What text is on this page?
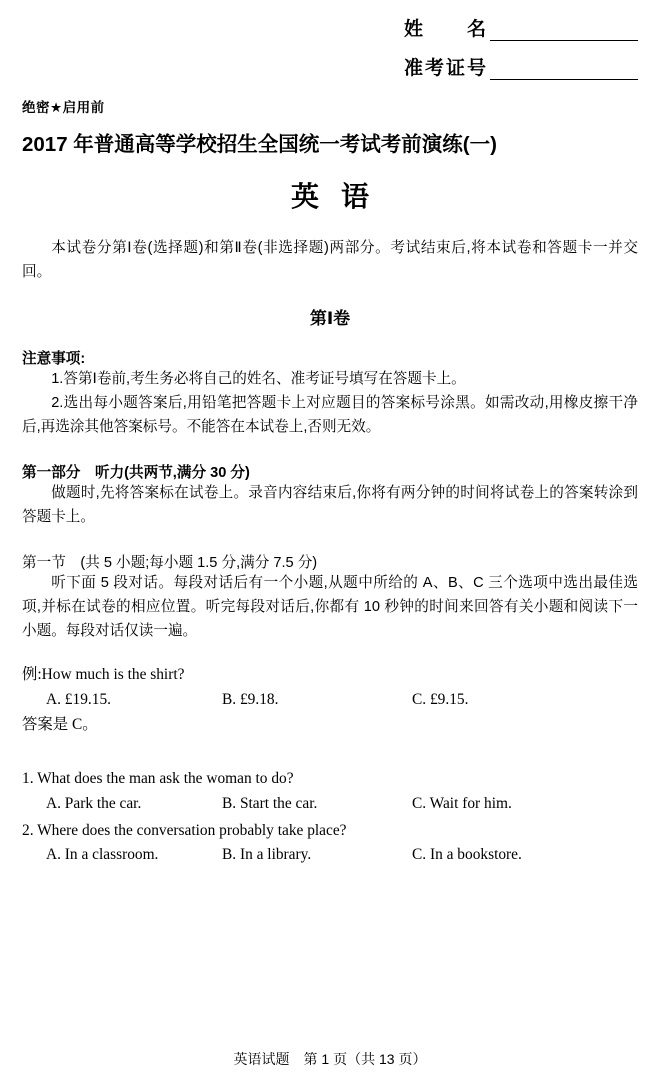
姓　　名
准考证号
绝密★启用前
2017 年普通高等学校招生全国统一考试考前演练(一)
英语

本试卷分第Ⅰ卷(选择题)和第Ⅱ卷(非选择题)两部分。考试结束后,将本试卷和答题卡一并交回。

第Ⅰ卷
注意事项:

1.答第Ⅰ卷前,考生务必将自己的姓名、准考证号填写在答题卡上。

2.选出每小题答案后,用铅笔把答题卡上对应题目的答案标号涂黑。如需改动,用橡皮擦干净后,再选涂其他答案标号。不能答在本试卷上,否则无效。

第一部分　听力(共两节,满分 30 分)

做题时,先将答案标在试卷上。录音内容结束后,你将有两分钟的时间将试卷上的答案转涂到答题卡上。

第一节　(共 5 小题;每小题 1.5 分,满分 7.5 分)

听下面 5 段对话。每段对话后有一个小题,从题中所给的 A、B、C 三个选项中选出最佳选项,并标在试卷的相应位置。听完每段对话后,你都有 10 秒钟的时间来回答有关小题和阅读下一小题。每段对话仅读一遍。

例:How much is the shirt?

A. £19.15.	B. £9.18.	C. £9.15.

答案是 C。

1. What does the man ask the woman to do?

A. Park the car.	B. Start the car.	C. Wait for him.

2. Where does the conversation probably take place?

A. In a classroom.	B. In a library.	C. In a bookstore.
英语试题　第 1 页（共 13 页）
